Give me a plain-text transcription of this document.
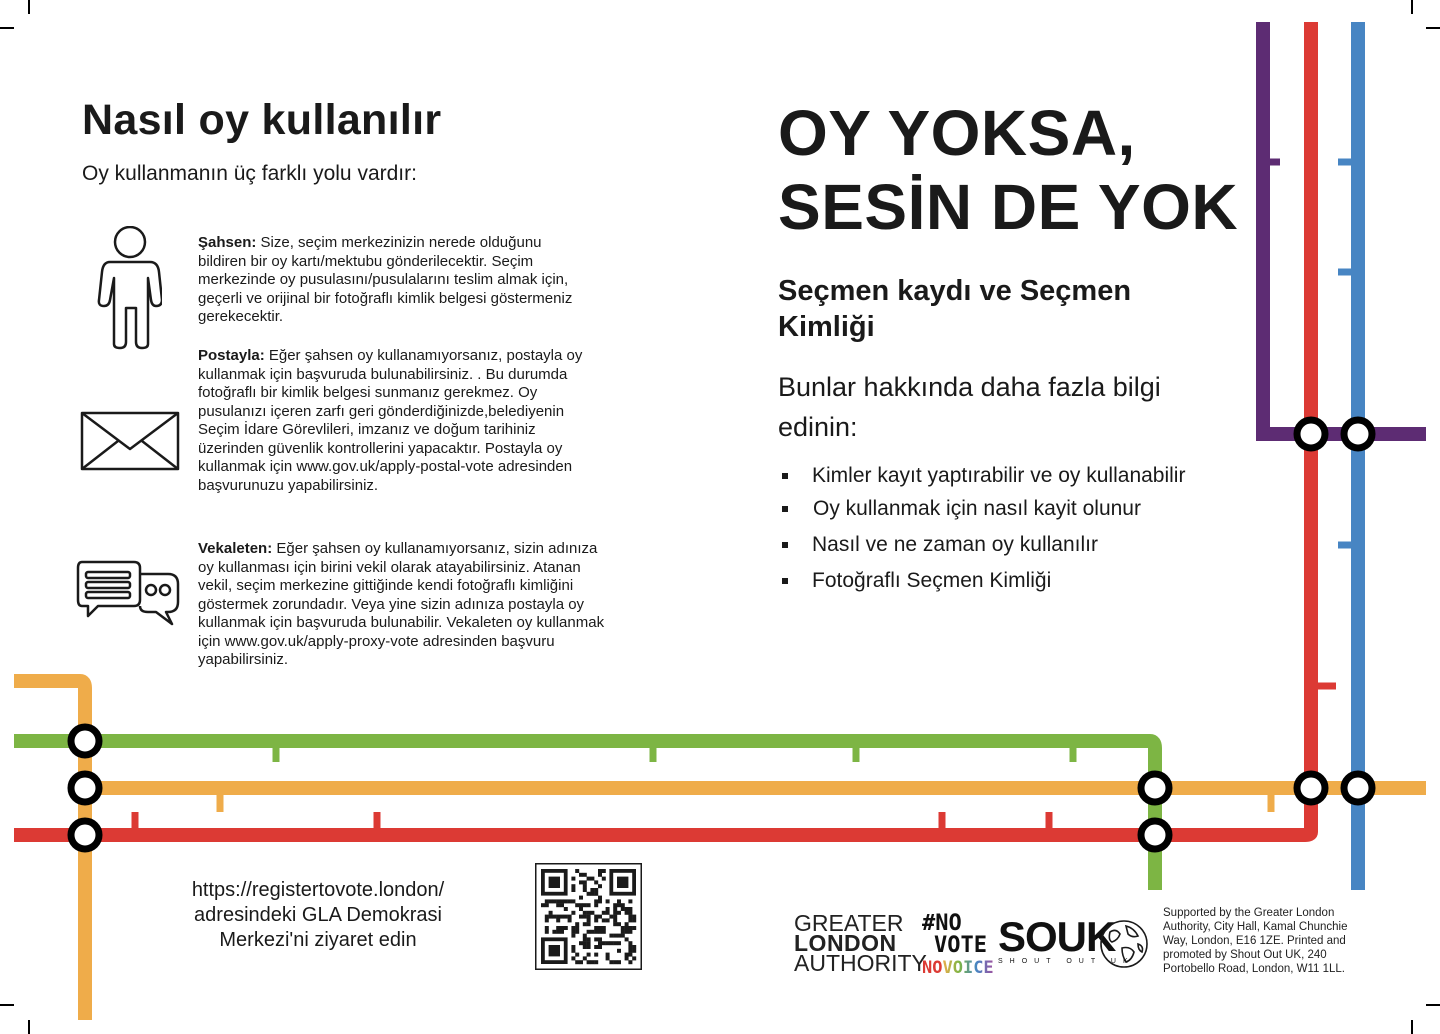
Nasıl oy kullanılır

Oy kullanmanın üç farklı yolu vardır:

Şahsen: Size, seçim merkezinizin nerede olduğunu
bildiren bir oy kartı/mektubu gönderilecektir. Seçim
merkezinde oy pusulasını/pusulalarını teslim almak için,
geçerli ve orijinal bir fotoğraflı kimlik belgesi göstermeniz
gerekecektir.

Postayla: Eğer şahsen oy kullanamıyorsanız, postayla oy
kullanmak için başvuruda bulunabilirsiniz. . Bu durumda
fotoğraflı bir kimlik belgesi sunmanız gerekmez. Oy
pusulanızı içeren zarfı geri gönderdiğinizde,belediyenin
Seçim İdare Görevlileri, imzanız ve doğum tarihiniz
üzerinden güvenlik kontrollerini yapacaktır. Postayla oy
kullanmak için www.gov.uk/apply-postal-vote adresinden
başvurunuzu yapabilirsiniz.

Vekaleten: Eğer şahsen oy kullanamıyorsanız, sizin adınıza
oy kullanması için birini vekil olarak atayabilirsiniz. Atanan
vekil, seçim merkezine gittiğinde kendi fotoğraflı kimliğini
göstermek zorundadır. Veya yine sizin adınıza postayla oy
kullanmak için başvuruda bulunabilir. Vekaleten oy kullanmak
için www.gov.uk/apply-proxy-vote adresinden başvuru
yapabilirsiniz.

OY YOKSA,
SESİN DE YOK
Seçmen kaydı ve Seçmen
Kimliği

Bunlar hakkında daha fazla bilgi
edinin:

Kimler kayıt yaptırabilir ve oy kullanabilir
Oy kullanmak için nasıl kayit olunur
Nasıl ve ne zaman oy kullanılır
Fotoğraflı Seçmen Kimliği

https://registertovote.london/
adresindeki GLA Demokrasi
Merkezi'ni ziyaret edin

GREATER
LONDON
AUTHORITY
#NO
VOTE
NOVOICE
SOUK
SHOUT OUT UK

Supported by the Greater London
Authority, City Hall, Kamal Chunchie
Way, London, E16 1ZE. Printed and
promoted by Shout Out UK, 240
Portobello Road, London, W11 1LL.
